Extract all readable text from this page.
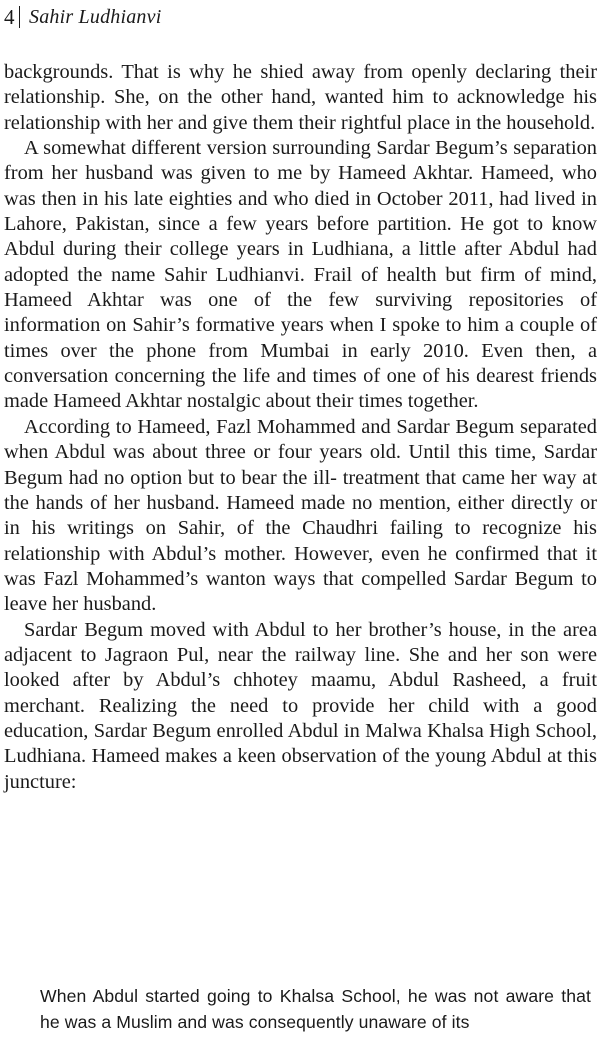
4 Sahir Ludhianvi

backgrounds. That is why he shied away from openly declaring their relationship. She, on the other hand, wanted him to acknowledge his relationship with her and give them their rightful place in the household.

A somewhat different version surrounding Sardar Begum’s separation from her husband was given to me by Hameed Akhtar. Hameed, who was then in his late eighties and who died in October 2011, had lived in Lahore, Pakistan, since a few years before partition. He got to know Abdul during their college years in Ludhiana, a little after Abdul had adopted the name Sahir Ludhianvi. Frail of health but firm of mind, Hameed Akhtar was one of the few surviving repositories of information on Sahir’s formative years when I spoke to him a couple of times over the phone from Mumbai in early 2010. Even then, a conversation concerning the life and times of one of his dearest friends made Hameed Akhtar nostalgic about their times together.

According to Hameed, Fazl Mohammed and Sardar Begum separated when Abdul was about three or four years old. Until this time, Sardar Begum had no option but to bear the ill- treatment that came her way at the hands of her husband. Hameed made no mention, either directly or in his writings on Sahir, of the Chaudhri failing to recognize his relationship with Abdul’s mother. However, even he confirmed that it was Fazl Mohammed’s wanton ways that compelled Sardar Begum to leave her husband.

Sardar Begum moved with Abdul to her brother’s house, in the area adjacent to Jagraon Pul, near the railway line. She and her son were looked after by Abdul’s chhotey maamu, Abdul Rasheed, a fruit merchant. Realizing the need to provide her child with a good education, Sardar Begum enrolled Abdul in Malwa Khalsa High School, Ludhiana. Hameed makes a keen observation of the young Abdul at this juncture:

When Abdul started going to Khalsa School, he was not aware that he was a Muslim and was consequently unaware of its
